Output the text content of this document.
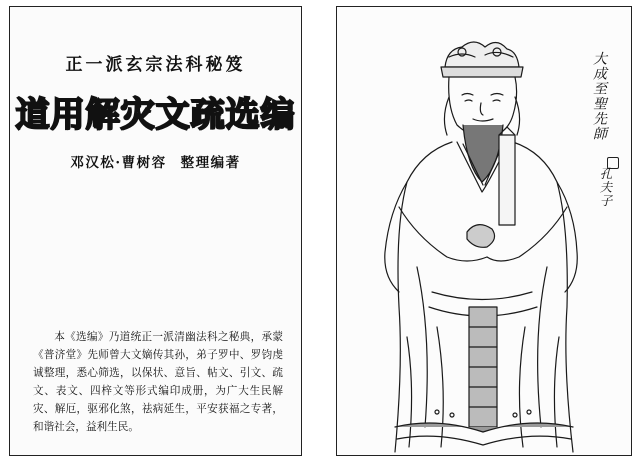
正一派玄宗法科秘笈
道用解灾文疏选编
邓汉松·曹树容 整理编著
本《选编》乃道统正一派清幽法科之秘典，承蒙《普济堂》先师曾大文嫡传其孙，弟子罗中、罗钧虔诚整理，悉心筛选，以保状、意旨、帖文、引文、疏文、表文、四梓文等形式编印成册，为广大生民解灾、解厄，驱邪化煞，祛病延生，平安获福之专著，和谐社会，益利生民。
大成至聖先師
孔夫子
